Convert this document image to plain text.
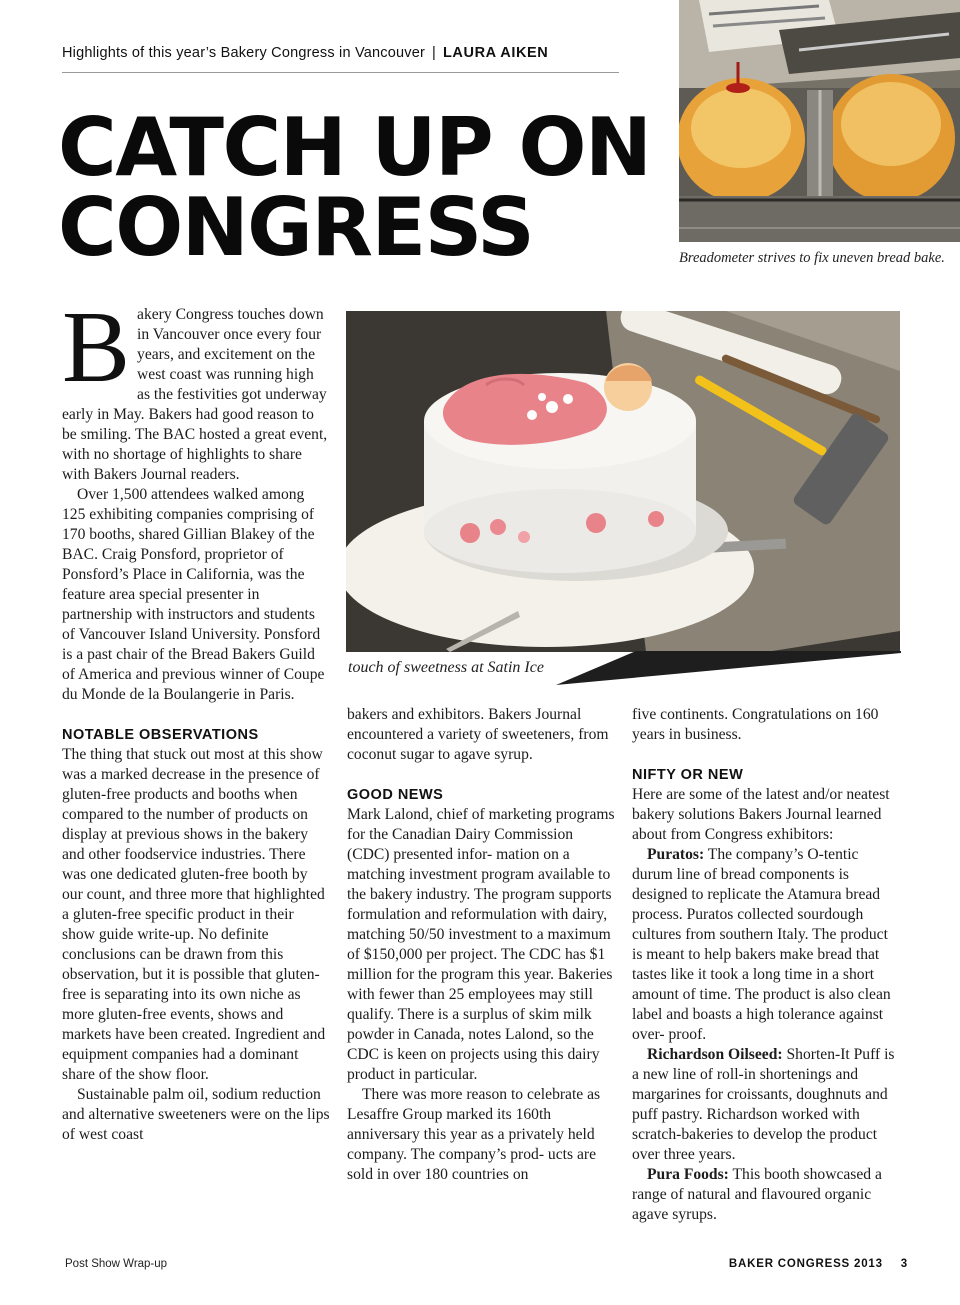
Highlights of this year’s Bakery Congress in Vancouver | LAURA AIKEN
CATCH UP ON
CONGRESS	Breadometer strives to fix uneven bread bake.
touch of sweetness at Satin Ice
B akery Congress touches down in Vancouver once every four years, and excitement on the west coast was running high as the festivities got underway early in May. Bakers had good reason to be smiling. The BAC hosted a great event, with no shortage of highlights to share with Bakers Journal readers.

Over 1,500 attendees walked among 125 exhibiting companies comprising of 170 booths, shared Gillian Blakey of the BAC. Craig Ponsford, proprietor of Ponsford’s Place in California, was the feature area special presenter in partnership with instructors and students of Vancouver Island University. Ponsford is a past chair of the Bread Bakers Guild of America and previous winner of Coupe du Monde de la Boulangerie in Paris.

NOTABLE OBSERVATIONS

The thing that stuck out most at this show was a marked decrease in the presence of gluten-free products and booths when compared to the number of products on display at previous shows in the bakery and other foodservice industries. There was one dedicated gluten-free booth by our count, and three more that highlighted a gluten-free specific product in their show guide write-up. No definite conclusions can be drawn from this observation, but it is possible that gluten-free is separating into its own niche as more gluten-free events, shows and markets have been created. Ingredient and equipment companies had a dominant share of the show floor.

Sustainable palm oil, sodium reduction and alternative sweeteners were on the lips of west coast

bakers and exhibitors. Bakers Journal encountered a variety of sweeteners, from coconut sugar to agave syrup.

GOOD NEWS

Mark Lalond, chief of marketing programs for the Canadian Dairy Commission (CDC) presented infor- mation on a matching investment program available to the bakery industry. The program supports formulation and reformulation with dairy, matching 50/50 investment to a maximum of $150,000 per project. The CDC has $1 million for the program this year. Bakeries with fewer than 25 employees may still qualify. There is a surplus of skim milk powder in Canada, notes Lalond, so the CDC is keen on projects using this dairy product in particular.

There was more reason to celebrate as Lesaffre Group marked its 160th anniversary this year as a privately held company. The company’s prod- ucts are sold in over 180 countries on

five continents. Congratulations on 160 years in business.

NIFTY OR NEW

Here are some of the latest and/or neatest bakery solutions Bakers Journal learned about from Congress exhibitors:

Puratos: The company’s O-tentic durum line of bread components is designed to replicate the Atamura bread process. Puratos collected sourdough cultures from southern Italy. The product is meant to help bakers make bread that tastes like it took a long time in a short amount of time. The product is also clean label and boasts a high tolerance against over- proof.

Richardson Oilseed: Shorten-It Puff is a new line of roll-in shortenings and margarines for croissants, doughnuts and puff pastry. Richardson worked with scratch-bakeries to develop the product over three years.

Pura Foods: This booth showcased a range of natural and flavoured organic agave syrups.

Post Show Wrap-up	BAKER CONGRESS 2013 3
